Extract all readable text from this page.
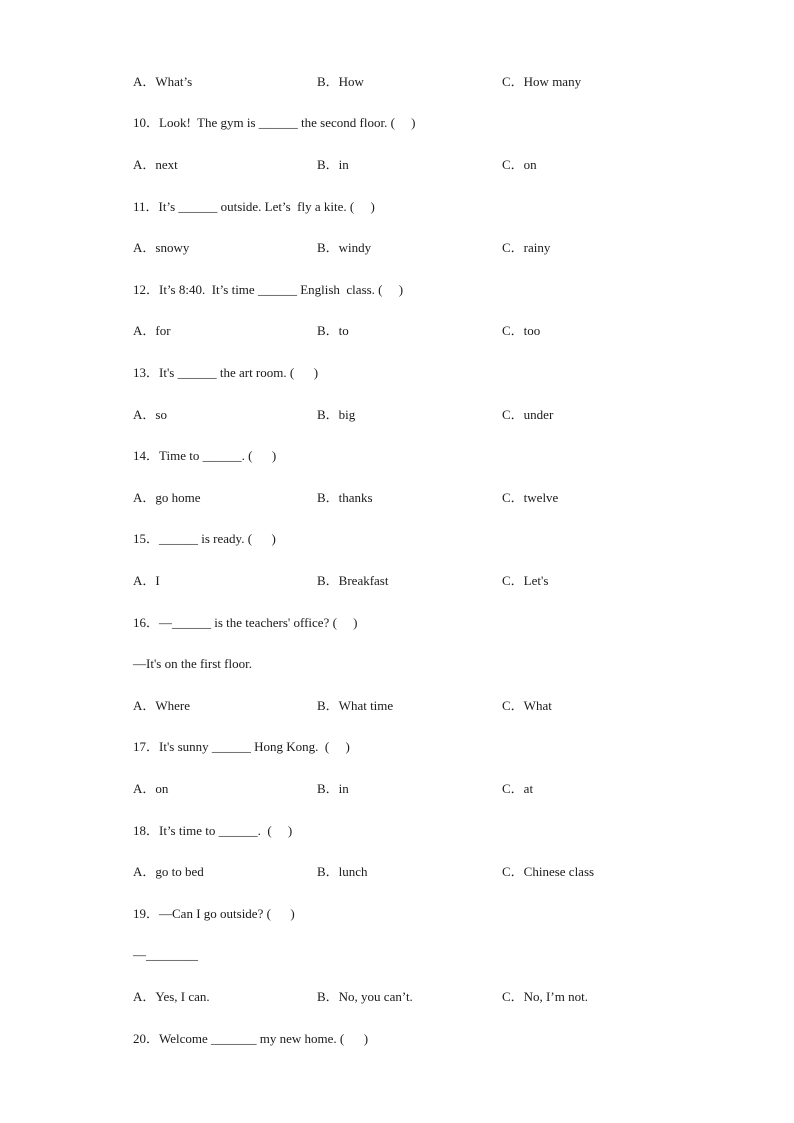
A．What’s	B．How	C．How many
10．Look!  The gym is ______ the second floor. (     )
A．next	B．in	C．on
11．It’s ______ outside. Let’s  fly a kite. (     )
A．snowy	B．windy	C．rainy
12．It’s 8:40.  It’s time ______ English  class. (     )
A．for	B．to	C．too
13．It's ______ the art room. (      )
A．so	B．big	C．under
14．Time to ______. (      )
A．go home	B．thanks	C．twelve
15．______ is ready. (      )
A．I	B．Breakfast	C．Let's
16．—______ is the teachers' office? (     )
—It's on the first floor.
A．Where	B．What time	C．What
17．It's sunny ______ Hong Kong.  (     )
A．on	B．in	C．at
18．It’s time to ______.  (     )
A．go to bed	B．lunch	C．Chinese class
19．—Can I go outside? (      )
—________
A．Yes, I can.	B．No, you can’t.	C．No, I’m not.
20．Welcome _______ my new home. (      )
